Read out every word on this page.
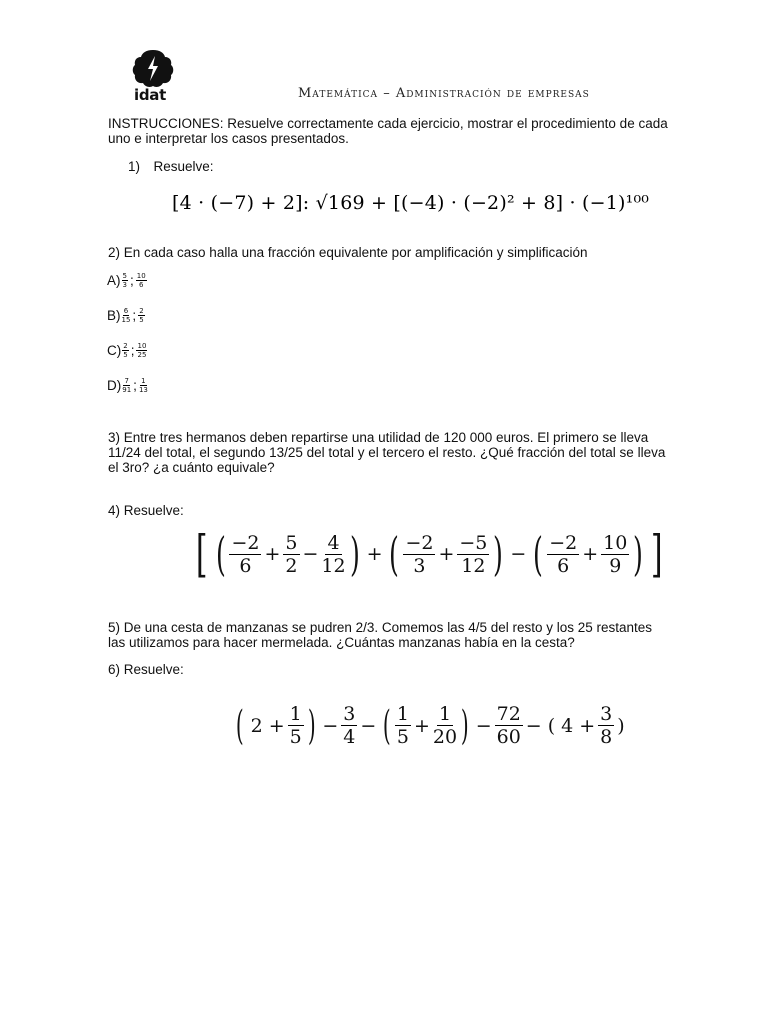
idat	Matemática – Administración de empresas
INSTRUCCIONES: Resuelve correctamente cada ejercicio, mostrar el procedimiento de cada uno e interpretar los casos presentados.
1) Resuelve:
[4 · (−7) + 2]: √169 + [(−4) · (−2)² + 8] · (−1)¹⁰⁰
2) En cada caso halla una fracción equivalente por amplificación y simplificación
$A) \frac{5}{3}$ ; $\frac{10}{6}$
$B) \frac{6}{15}$ ; $\frac{2}{5}$
$C) \frac{2}{5}$ ; $\frac{10}{25}$
$D) \frac{7}{91}$ ; $\frac{1}{13}$
3) Entre tres hermanos deben repartirse una utilidad de 120 000 euros. El primero se lleva 11/24 del total, el segundo 13/25 del total y el tercero el resto. ¿Qué fracción del total se lleva el 3ro? ¿a cuánto equivale?
4) Resuelve:
[ ( $\frac{-2}{6} + \frac{5}{2} - \frac{4}{12}$ ) + ( $\frac{-2}{3} + \frac{-5}{12}$ ) − ( $\frac{-2}{6} + \frac{10}{9}$ ) ]
5) De una cesta de manzanas se pudren 2/3. Comemos las 4/5 del resto y los 25 restantes las utilizamos para hacer mermelada. ¿Cuántas manzanas había en la cesta?
6) Resuelve:
( $2 + \frac{1}{5}$ ) − $\frac{3}{4}$ − ( $\frac{1}{5} + \frac{1}{20}$ ) − $\frac{72}{60}$ − ( $4 + \frac{3}{8}$ )
